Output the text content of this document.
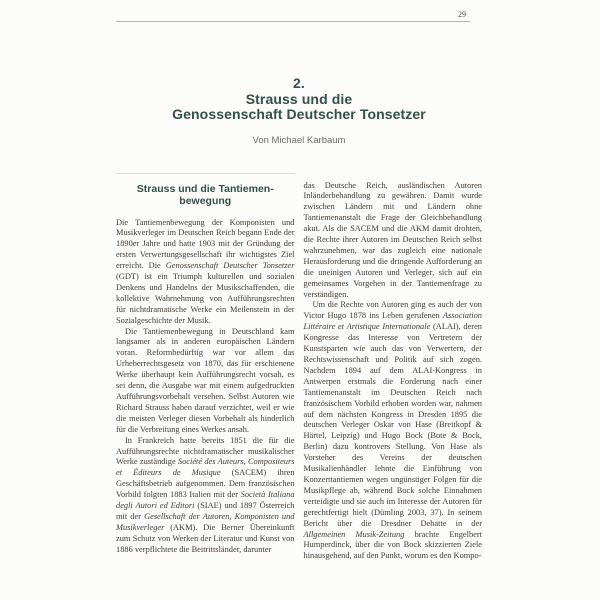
29
2.
Strauss und die
Genossenschaft Deutscher Tonsetzer
Von Michael Karbaum
Strauss und die Tantiemen-
bewegung

Die Tantiemenbewegung der Komponisten und Musikverleger im Deutschen Reich begann Ende der 1890er Jahre und hatte 1903 mit der Gründung der ersten Verwertungsgesellschaft ihr wichtigstes Ziel erreicht. Die Genossenschaft Deutscher Tonsetzer (GDT) ist ein Triumph kulturellen und sozialen Denkens und Handelns der Musikschaffenden, die kollektive Wahrnehmung von Aufführungsrechten für nichtdramatische Werke ein Meilenstein in der Sozialgeschichte der Musik.

Die Tantiemenbewegung in Deutschland kam langsamer als in anderen europäischen Ländern voran. Reformbedürftig war vor allem das Urheberrechtsgesetz von 1870, das für erschienene Werke überhaupt kein Aufführungsrecht vorsah, es sei denn, die Ausgabe war mit einem aufgedruckten Aufführungsvorbehalt versehen. Selbst Autoren wie Richard Strauss haben darauf verzichtet, weil er wie die meisten Verleger diesen Vorbehalt als hinderlich für die Verbreitung eines Werkes ansah.

In Frankreich hatte bereits 1851 die für die Aufführungsrechte nichtdramatischer musikalischer Werke zuständige Société des Auteurs, Compositeurs et Éditeurs de Musique (SACEM) ihren Geschäftsbetrieb aufgenommen. Dem französischen Vorbild folgten 1883 Italien mit der Società Italiana degli Autori ed Editori (SIAE) und 1897 Österreich mit der Gesellschaft der Autoren, Komponisten und Musikverleger (AKM). Die Berner Übereinkunft zum Schutz von Werken der Literatur und Kunst von 1886 verpflichtete die Beitrittsländer, darunter

das Deutsche Reich, ausländischen Autoren Inländerbehandlung zu gewähren. Damit wurde zwischen Ländern mit und Ländern ohne Tantiemenanstalt die Frage der Gleichbehandlung akut. Als die SACEM und die AKM damit drohten, die Rechte ihrer Autoren im Deutschen Reich selbst wahrzunehmen, war das zugleich eine nationale Herausforderung und die dringende Aufforderung an die uneinigen Autoren und Verleger, sich auf ein gemeinsames Vorgehen in der Tantiemenfrage zu verständigen.

Um die Rechte von Autoren ging es auch der von Victor Hugo 1878 ins Leben gerufenen Association Littéraire et Artistique Internationale (ALAI), deren Kongresse das Interesse von Vertretern der Kunstsparten wie auch das von Verwertern, der Rechtswissenschaft und Politik auf sich zogen. Nachdem 1894 auf dem ALAI-Kongress in Antwerpen erstmals die Forderung nach einer Tantiemenanstalt im Deutschen Reich nach französischem Vorbild erhoben worden war, nahmen auf dem nächsten Kongress in Dresden 1895 die deutschen Verleger Oskar von Hase (Breitkopf & Härtel, Leipzig) und Hugo Bock (Bote & Bock, Berlin) dazu kontrovers Stellung. Von Hase als Vorsteher des Vereins der deutschen Musikalienhändler lehnte die Einführung von Konzerttantiemen wegen ungünstiger Folgen für die Musikpflege ab, während Bock solche Einnahmen verteidigte und sie auch im Interesse der Autoren für gerechtfertigt hielt (Dümling 2003, 37). In seinem Bericht über die Dresdner Debatte in der Allgemeinen Musik-Zeitung brachte Engelbert Humperdinck, über die von Bock skizzierten Ziele hinausgehend, auf den Punkt, worum es den Kompo-
